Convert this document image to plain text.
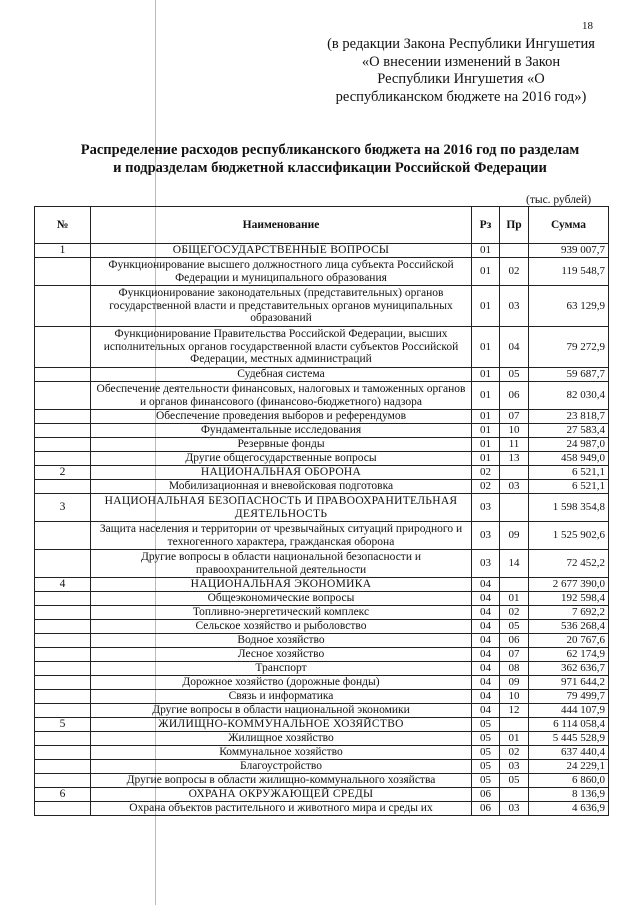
18
(в редакции Закона Республики Ингушетия «О внесении изменений в Закон Республики Ингушетия «О республиканском бюджете на 2016 год»)
Распределение расходов республиканского бюджета на 2016 год по разделам
и подразделам бюджетной классификации Российской Федерации
(тыс. рублей)
№	Наименование	Рз	Пр	Сумма
1	ОБЩЕГОСУДАРСТВЕННЫЕ ВОПРОСЫ	01		939 007,7
	Функционирование высшего должностного лица субъекта Российской Федерации и муниципального образования	01	02	119 548,7
	Функционирование законодательных (представительных) органов государственной власти и представительных органов муниципальных образований	01	03	63 129,9
	Функционирование Правительства Российской Федерации, высших исполнительных органов государственной власти субъектов Российской Федерации, местных администраций	01	04	79 272,9
	Судебная система	01	05	59 687,7
	Обеспечение деятельности финансовых, налоговых и таможенных органов и органов финансового (финансово-бюджетного) надзора	01	06	82 030,4
	Обеспечение проведения выборов и референдумов	01	07	23 818,7
	Фундаментальные исследования	01	10	27 583,4
	Резервные фонды	01	11	24 987,0
	Другие общегосударственные вопросы	01	13	458 949,0
2	НАЦИОНАЛЬНАЯ ОБОРОНА	02		6 521,1
	Мобилизационная и вневойсковая подготовка	02	03	6 521,1
3	НАЦИОНАЛЬНАЯ БЕЗОПАСНОСТЬ И ПРАВООХРАНИТЕЛЬНАЯ ДЕЯТЕЛЬНОСТЬ	03		1 598 354,8
	Защита населения и территории от чрезвычайных ситуаций природного и техногенного характера, гражданская оборона	03	09	1 525 902,6
	Другие вопросы в области национальной безопасности и правоохранительной деятельности	03	14	72 452,2
4	НАЦИОНАЛЬНАЯ ЭКОНОМИКА	04		2 677 390,0
	Общеэкономические вопросы	04	01	192 598,4
	Топливно-энергетический комплекс	04	02	7 692,2
	Сельское хозяйство и рыболовство	04	05	536 268,4
	Водное хозяйство	04	06	20 767,6
	Лесное хозяйство	04	07	62 174,9
	Транспорт	04	08	362 636,7
	Дорожное хозяйство (дорожные фонды)	04	09	971 644,2
	Связь и информатика	04	10	79 499,7
	Другие вопросы в области национальной экономики	04	12	444 107,9
5	ЖИЛИЩНО-КОММУНАЛЬНОЕ ХОЗЯЙСТВО	05		6 114 058,4
	Жилищное хозяйство	05	01	5 445 528,9
	Коммунальное хозяйство	05	02	637 440,4
	Благоустройство	05	03	24 229,1
	Другие вопросы в области жилищно-коммунального хозяйства	05	05	6 860,0
6	ОХРАНА ОКРУЖАЮЩЕЙ СРЕДЫ	06		8 136,9
	Охрана объектов растительного и животного мира и среды их	06	03	4 636,9
